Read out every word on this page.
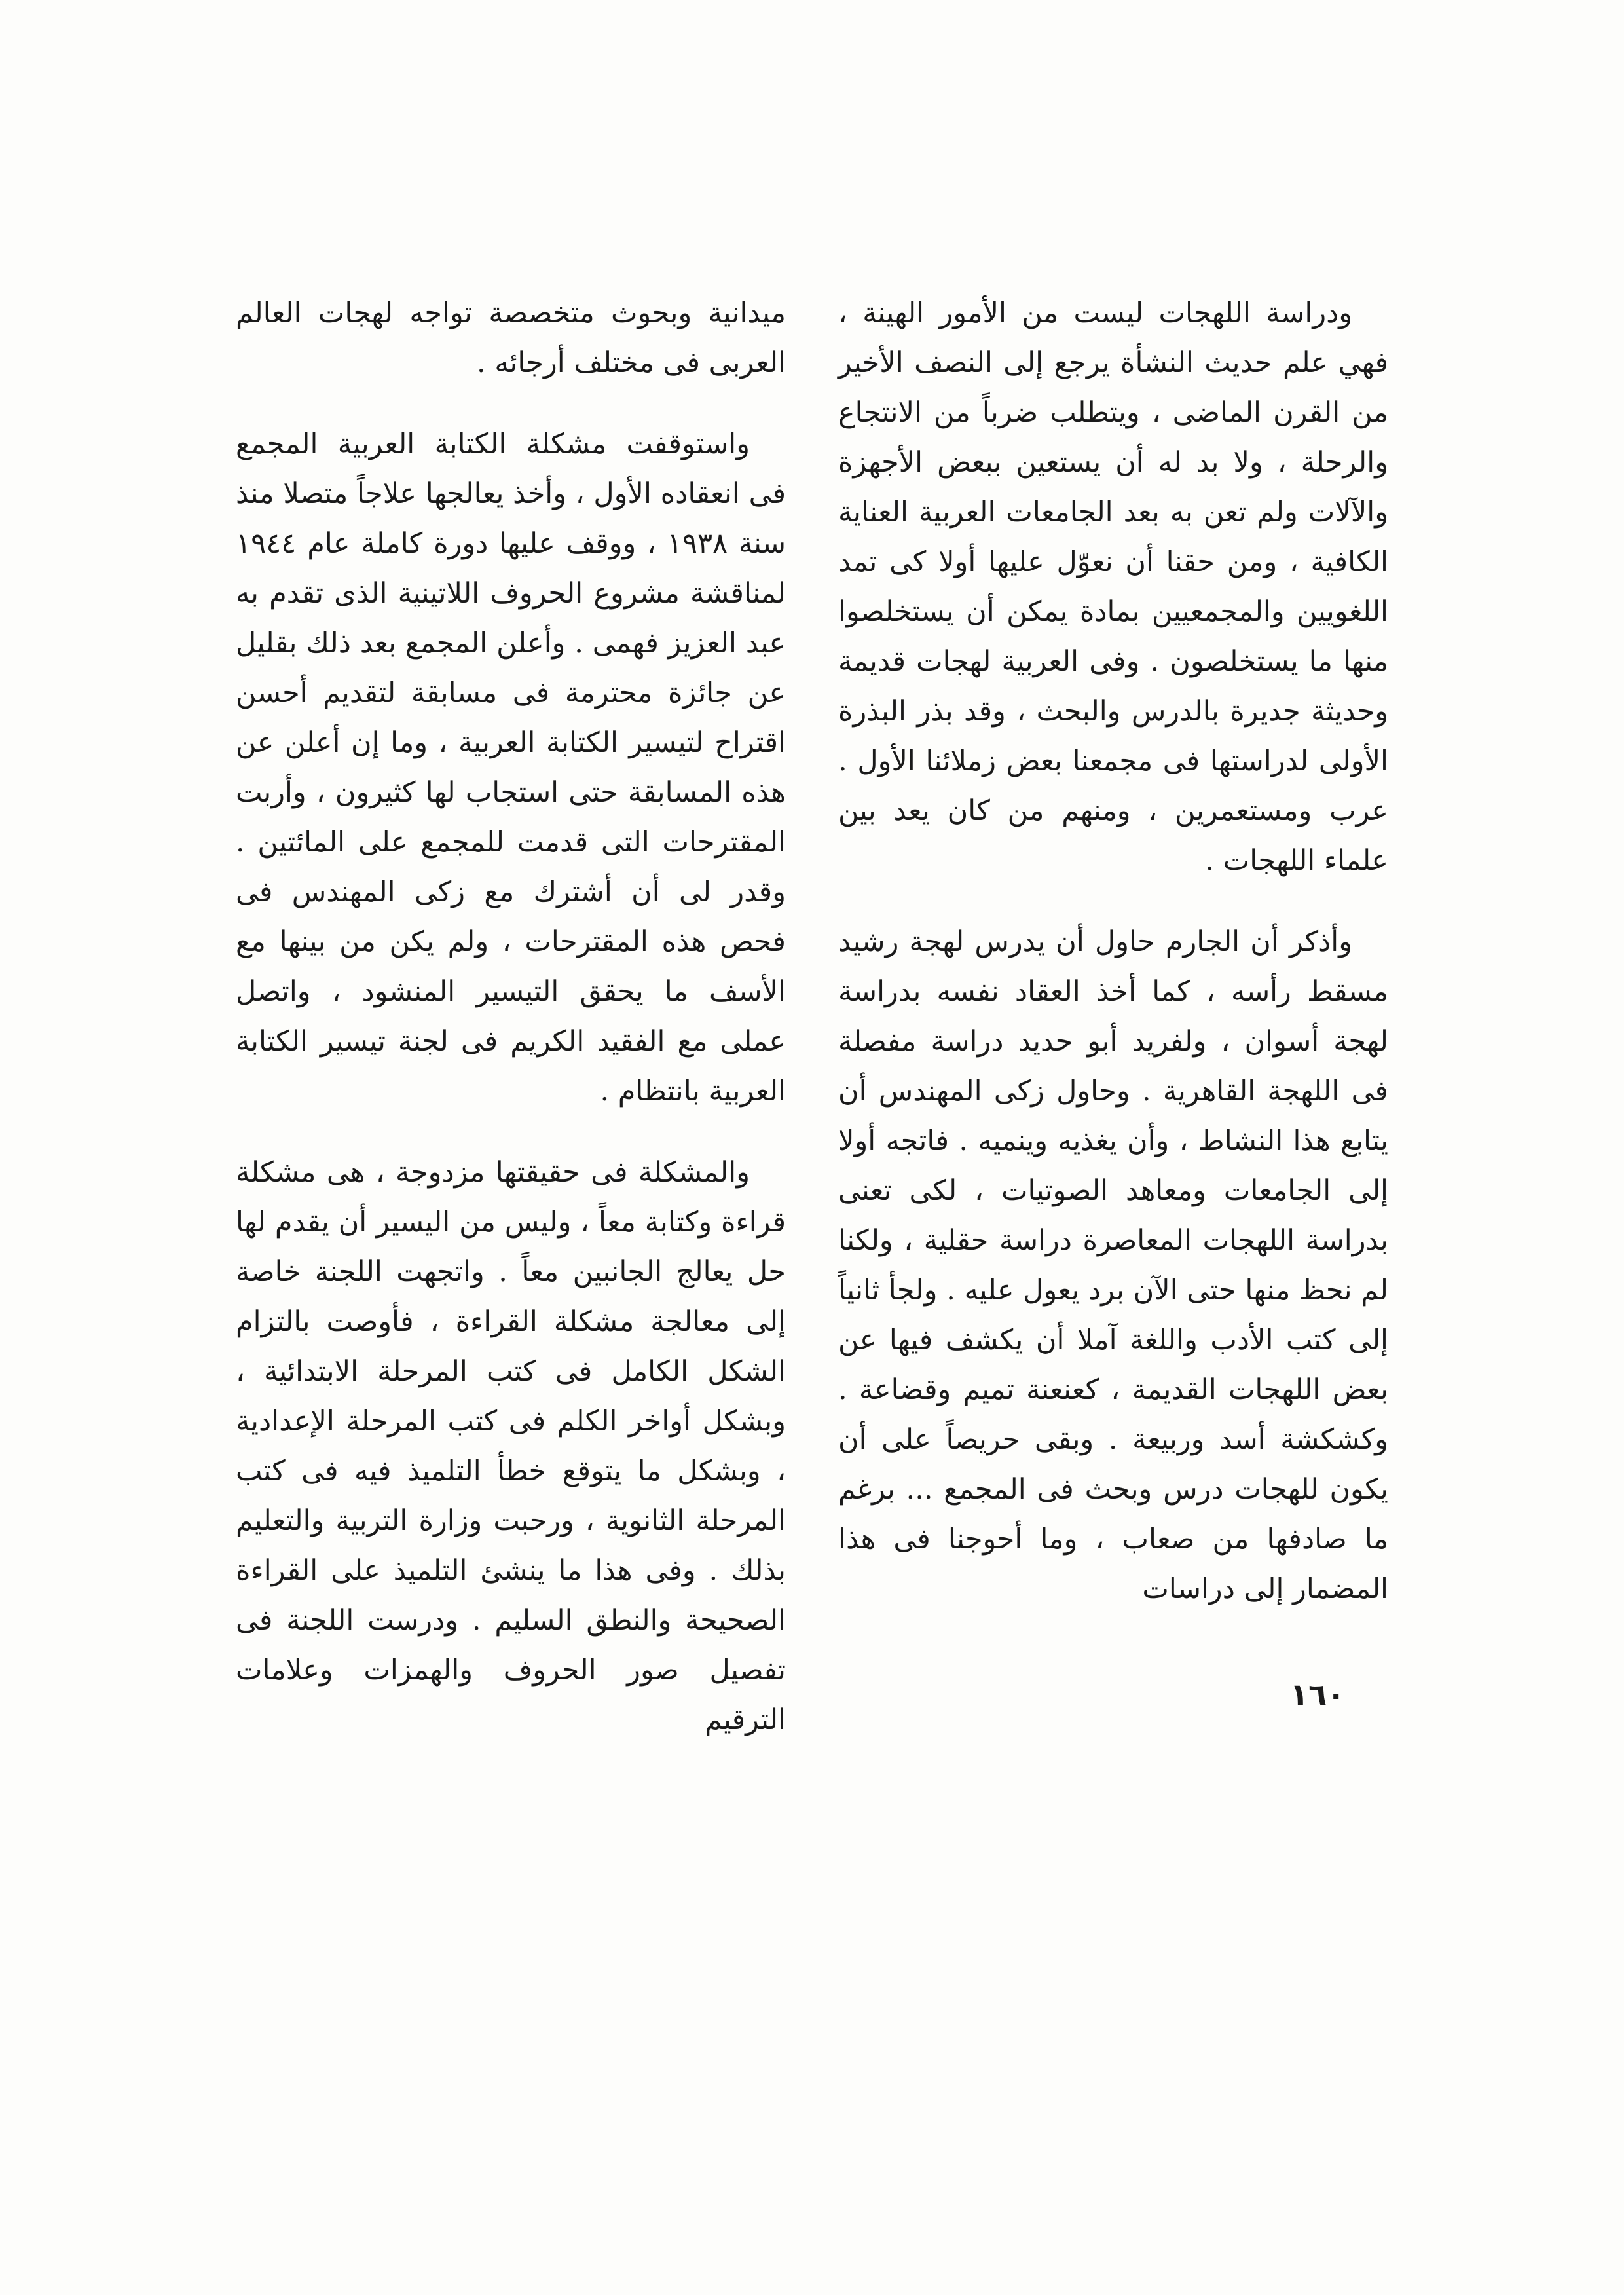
ودراسة اللهجات ليست من الأمور الهينة ، فهي علم حديث النشأة يرجع إلى النصف الأخير من القرن الماضى ، ويتطلب ضرباً من الانتجاع والرحلة ، ولا بد له أن يستعين ببعض الأجهزة والآلات ولم تعن به بعد الجامعات العربية العناية الكافية ، ومن حقنا أن نعوّل عليها أولا كى تمد اللغويين والمجمعيين بمادة يمكن أن يستخلصوا منها ما يستخلصون . وفى العربية لهجات قديمة وحديثة جديرة بالدرس والبحث ، وقد بذر البذرة الأولى لدراستها فى مجمعنا بعض زملائنا الأول . عرب ومستعمرين ، ومنهم من كان يعد بين علماء اللهجات .

وأذكر أن الجارم حاول أن يدرس لهجة رشيد مسقط رأسه ، كما أخذ العقاد نفسه بدراسة لهجة أسوان ، ولفريد أبو حديد دراسة مفصلة فى اللهجة القاهرية . وحاول زكى المهندس أن يتابع هذا النشاط ، وأن يغذيه وينميه . فاتجه أولا إلى الجامعات ومعاهد الصوتيات ، لكى تعنى بدراسة اللهجات المعاصرة دراسة حقلية ، ولكنا لم نحظ منها حتى الآن برد يعول عليه . ولجأ ثانياً إلى كتب الأدب واللغة آملا أن يكشف فيها عن بعض اللهجات القديمة ، كعنعنة تميم وقضاعة . وكشكشة أسد وربيعة . وبقى حريصاً على أن يكون للهجات درس وبحث فى المجمع ... برغم ما صادفها من صعاب ، وما أحوجنا فى هذا المضمار إلى دراسات

ميدانية وبحوث متخصصة تواجه لهجات العالم العربى فى مختلف أرجائه .

واستوقفت مشكلة الكتابة العربية المجمع فى انعقاده الأول ، وأخذ يعالجها علاجاً متصلا منذ سنة ١٩٣٨ ، ووقف عليها دورة كاملة عام ١٩٤٤ لمناقشة مشروع الحروف اللاتينية الذى تقدم به عبد العزيز فهمى . وأعلن المجمع بعد ذلك بقليل عن جائزة محترمة فى مسابقة لتقديم أحسن اقتراح لتيسير الكتابة العربية ، وما إن أعلن عن هذه المسابقة حتى استجاب لها كثيرون ، وأربت المقترحات التى قدمت للمجمع على المائتين . وقدر لى أن أشترك مع زكى المهندس فى فحص هذه المقترحات ، ولم يكن من بينها مع الأسف ما يحقق التيسير المنشود ، واتصل عملى مع الفقيد الكريم فى لجنة تيسير الكتابة العربية بانتظام .

والمشكلة فى حقيقتها مزدوجة ، هى مشكلة قراءة وكتابة معاً ، وليس من اليسير أن يقدم لها حل يعالج الجانبين معاً . واتجهت اللجنة خاصة إلى معالجة مشكلة القراءة ، فأوصت بالتزام الشكل الكامل فى كتب المرحلة الابتدائية ، وبشكل أواخر الكلم فى كتب المرحلة الإعدادية ، وبشكل ما يتوقع خطأ التلميذ فيه فى كتب المرحلة الثانوية ، ورحبت وزارة التربية والتعليم بذلك . وفى هذا ما ينشئ التلميذ على القراءة الصحيحة والنطق السليم . ودرست اللجنة فى تفصيل صور الحروف والهمزات وعلامات الترقيم

١٦٠
